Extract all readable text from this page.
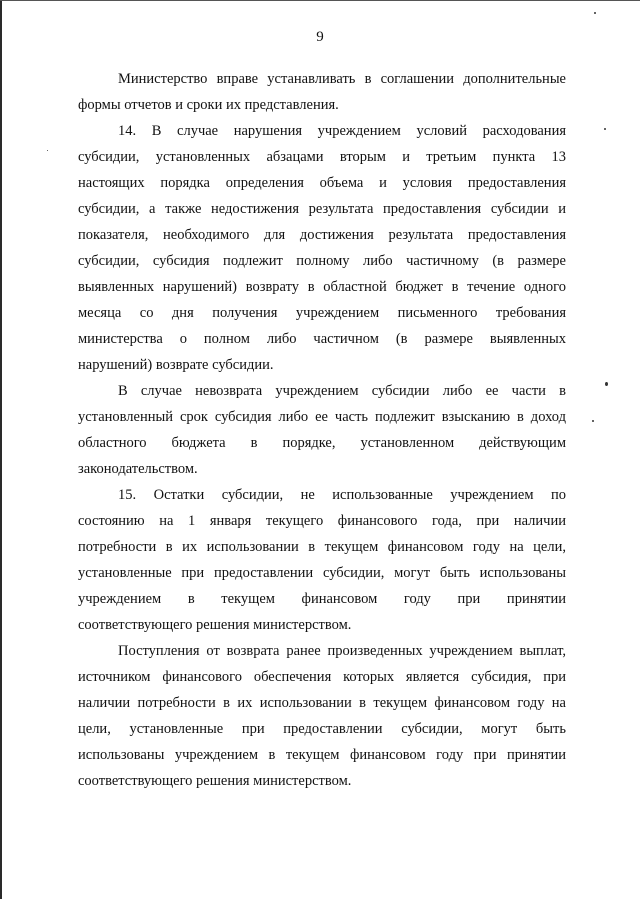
9
Министерство вправе устанавливать в соглашении дополнительные
формы отчетов и сроки их представления.
14. В случае нарушения учреждением условий расходования
субсидии, установленных абзацами вторым и третьим пункта 13
настоящих порядка определения объема и условия предоставления
субсидии, а также недостижения результата предоставления субсидии и
показателя, необходимого для достижения результата предоставления
субсидии, субсидия подлежит полному либо частичному (в размере
выявленных нарушений) возврату в областной бюджет в течение одного
месяца со дня получения учреждением письменного требования
министерства о полном либо частичном (в размере выявленных
нарушений) возврате субсидии.
В случае невозврата учреждением субсидии либо ее части в
установленный срок субсидия либо ее часть подлежит взысканию в доход
областного бюджета в порядке, установленном действующим
законодательством.
15. Остатки субсидии, не использованные учреждением по
состоянию на 1 января текущего финансового года, при наличии
потребности в их использовании в текущем финансовом году на цели,
установленные при предоставлении субсидии, могут быть использованы
учреждением в текущем финансовом году при принятии
соответствующего решения министерством.
Поступления от возврата ранее произведенных учреждением выплат,
источником финансового обеспечения которых является субсидия, при
наличии потребности в их использовании в текущем финансовом году на
цели, установленные при предоставлении субсидии, могут быть
использованы учреждением в текущем финансовом году при принятии
соответствующего решения министерством.
